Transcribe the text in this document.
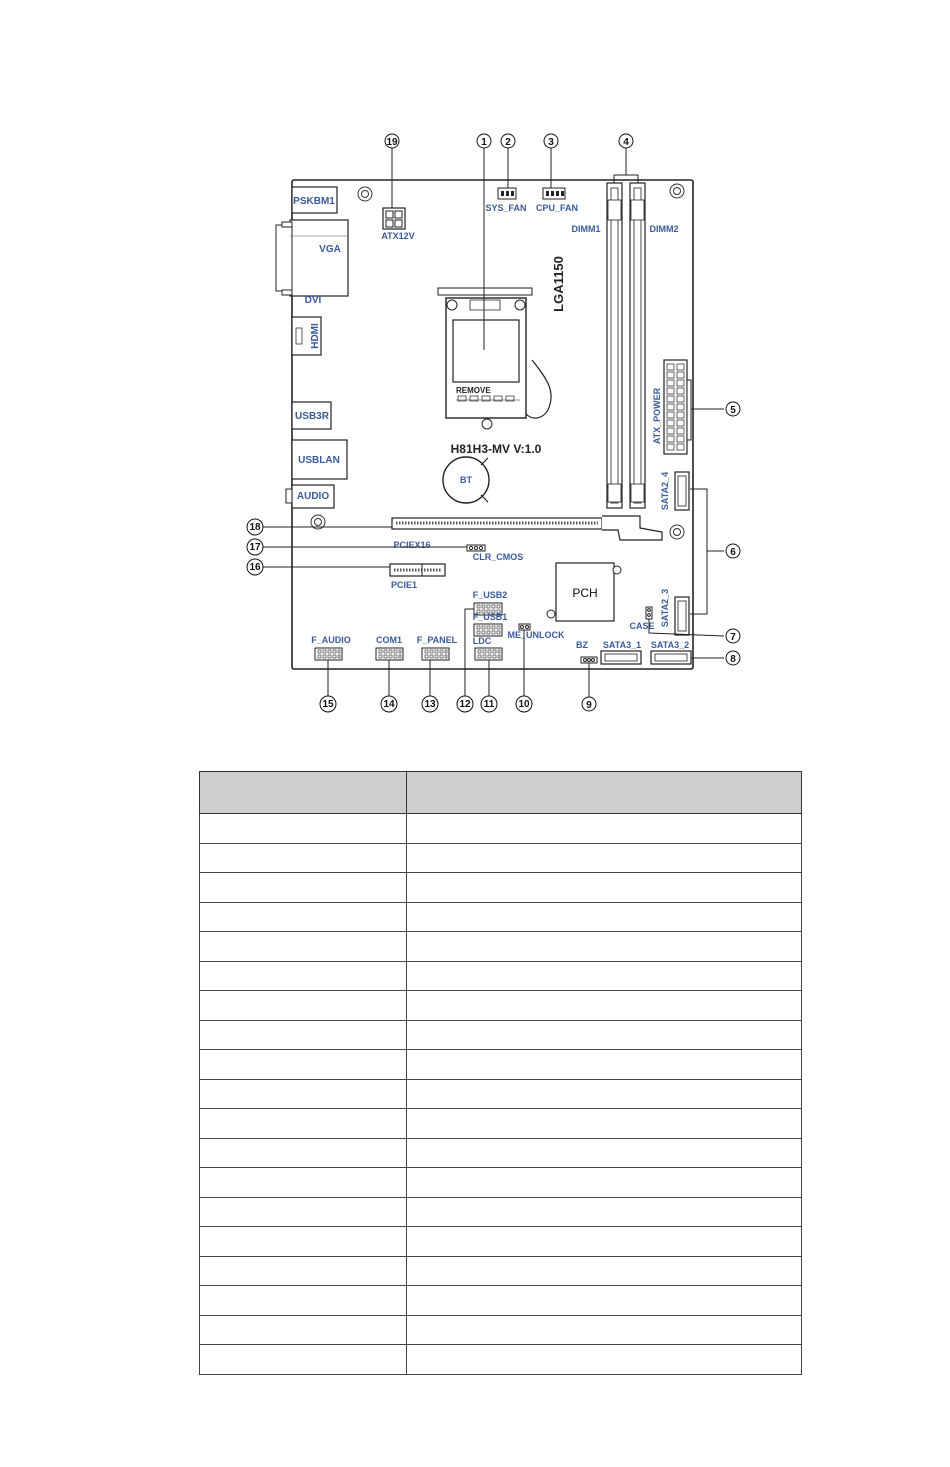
PSKBM1
VGA
DVI
HDMI
USB3R
USBLAN
AUDIO
ATX12V
SYS_FAN CPU_FAN
REMOVE
LGA1150
H81H3-MV V:1.0
BT
DIMM1	DIMM2
ATX_POWER
SATA2_4
SATA2_3
PCIEX16
CLR_CMOS
PCIE1
PCH
F_USB2
F_USB1
ME_UNLOCK
CASE
F_AUDIO	COM1 F_PANEL LDC	BZ SATA3_1 SATA3_2
19	1 2	3	4
5
6
7
8
9
10
11
12
13
14
15
16
17
18
